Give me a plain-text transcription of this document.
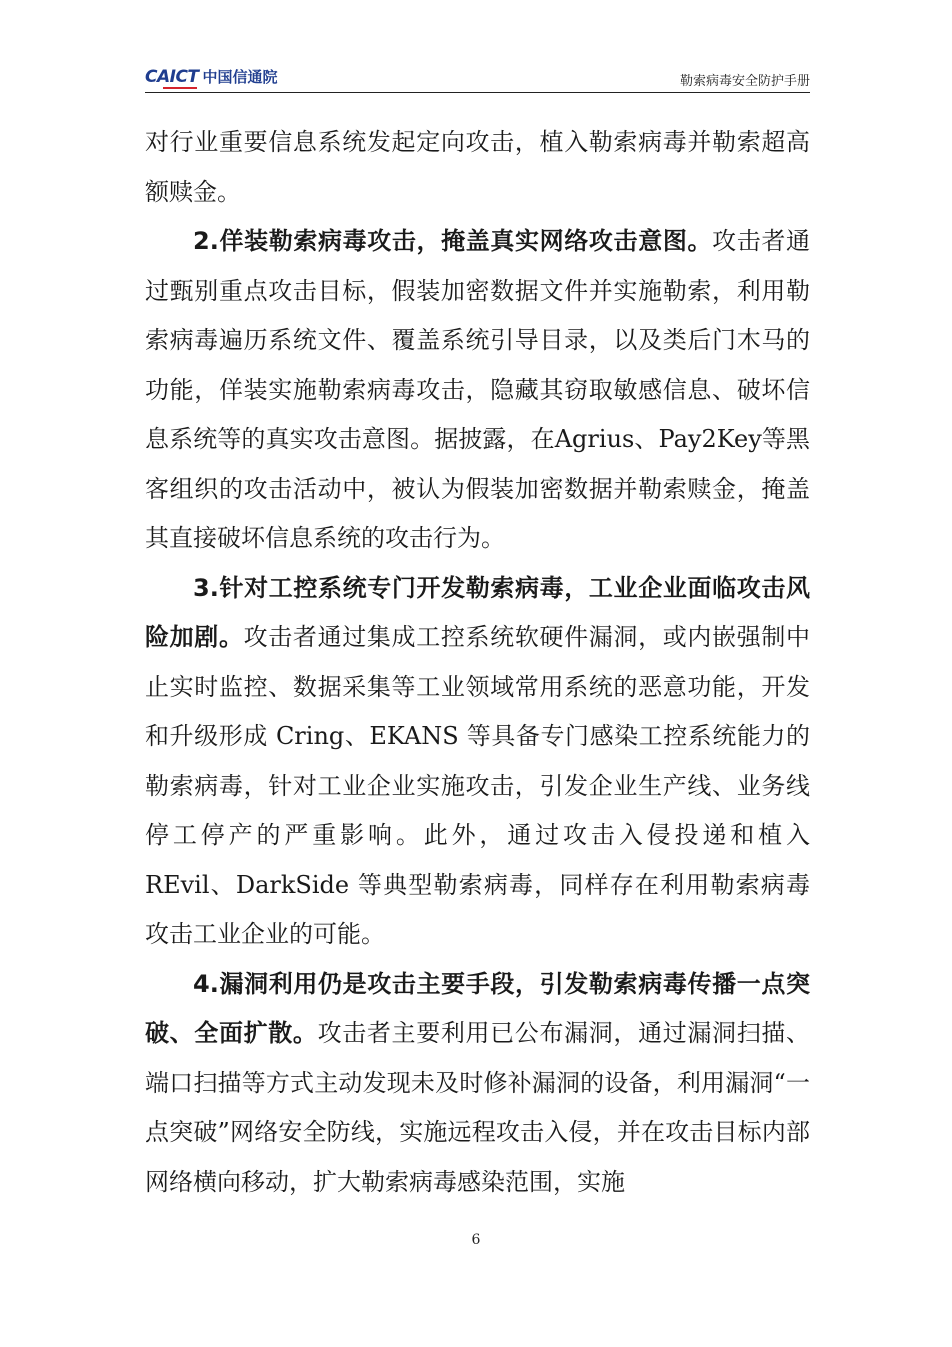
CAICT 中国信通院	勒索病毒安全防护手册

对行业重要信息系统发起定向攻击，植入勒索病毒并勒索超高额赎金。

2.佯装勒索病毒攻击，掩盖真实网络攻击意图。攻击者通过甄别重点攻击目标，假装加密数据文件并实施勒索，利用勒索病毒遍历系统文件、覆盖系统引导目录，以及类后门木马的功能，佯装实施勒索病毒攻击，隐藏其窃取敏感信息、破坏信息系统等的真实攻击意图。据披露，在Agrius、Pay2Key等黑客组织的攻击活动中，被认为假装加密数据并勒索赎金，掩盖其直接破坏信息系统的攻击行为。

3.针对工控系统专门开发勒索病毒，工业企业面临攻击风险加剧。攻击者通过集成工控系统软硬件漏洞，或内嵌强制中止实时监控、数据采集等工业领域常用系统的恶意功能，开发和升级形成 Cring、EKANS 等具备专门感染工控系统能力的勒索病毒，针对工业企业实施攻击，引发企业生产线、业务线停工停产的严重影响。此外，通过攻击入侵投递和植入 REvil、DarkSide 等典型勒索病毒，同样存在利用勒索病毒攻击工业企业的可能。

4.漏洞利用仍是攻击主要手段，引发勒索病毒传播一点突破、全面扩散。攻击者主要利用已公布漏洞，通过漏洞扫描、端口扫描等方式主动发现未及时修补漏洞的设备，利用漏洞“一点突破”网络安全防线，实施远程攻击入侵，并在攻击目标内部网络横向移动，扩大勒索病毒感染范围，实施

6
